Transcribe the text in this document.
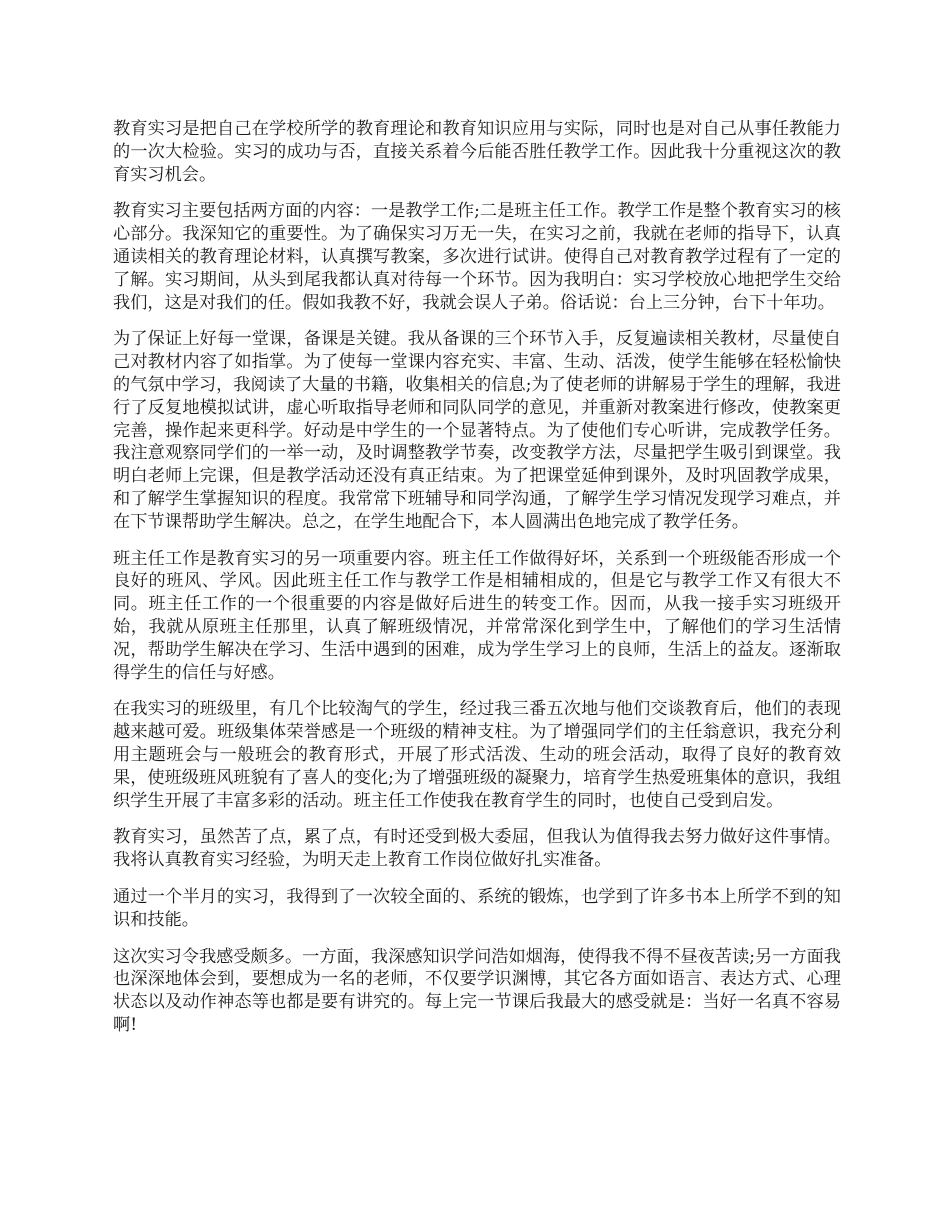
教育实习是把自己在学校所学的教育理论和教育知识应用与实际，同时也是对自己从事任教能力的一次大检验。实习的成功与否，直接关系着今后能否胜任教学工作。因此我十分重视这次的教育实习机会。

教育实习主要包括两方面的内容：一是教学工作;二是班主任工作。教学工作是整个教育实习的核心部分。我深知它的重要性。为了确保实习万无一失，在实习之前，我就在老师的指导下，认真通读相关的教育理论材料，认真撰写教案，多次进行试讲。使得自己对教育教学过程有了一定的了解。实习期间，从头到尾我都认真对待每一个环节。因为我明白：实习学校放心地把学生交给我们，这是对我们的任。假如我教不好，我就会误人子弟。俗话说：台上三分钟，台下十年功。

为了保证上好每一堂课，备课是关键。我从备课的三个环节入手，反复遍读相关教材，尽量使自己对教材内容了如指掌。为了使每一堂课内容充实、丰富、生动、活泼，使学生能够在轻松愉快的气氛中学习，我阅读了大量的书籍，收集相关的信息;为了使老师的讲解易于学生的理解，我进行了反复地模拟试讲，虚心听取指导老师和同队同学的意见，并重新对教案进行修改，使教案更完善，操作起来更科学。好动是中学生的一个显著特点。为了使他们专心听讲，完成教学任务。我注意观察同学们的一举一动，及时调整教学节奏，改变教学方法，尽量把学生吸引到课堂。我明白老师上完课，但是教学活动还没有真正结束。为了把课堂延伸到课外，及时巩固教学成果，和了解学生掌握知识的程度。我常常下班辅导和同学沟通，了解学生学习情况发现学习难点，并在下节课帮助学生解决。总之，在学生地配合下，本人圆满出色地完成了教学任务。

班主任工作是教育实习的另一项重要内容。班主任工作做得好坏，关系到一个班级能否形成一个良好的班风、学风。因此班主任工作与教学工作是相辅相成的，但是它与教学工作又有很大不同。班主任工作的一个很重要的内容是做好后进生的转变工作。因而，从我一接手实习班级开始，我就从原班主任那里，认真了解班级情况，并常常深化到学生中，了解他们的学习生活情况，帮助学生解决在学习、生活中遇到的困难，成为学生学习上的良师，生活上的益友。逐渐取得学生的信任与好感。

在我实习的班级里，有几个比较淘气的学生，经过我三番五次地与他们交谈教育后，他们的表现越来越可爱。班级集体荣誉感是一个班级的精神支柱。为了增强同学们的主任翁意识，我充分利用主题班会与一般班会的教育形式，开展了形式活泼、生动的班会活动，取得了良好的教育效果，使班级班风班貌有了喜人的变化;为了增强班级的凝聚力，培育学生热爱班集体的意识，我组织学生开展了丰富多彩的活动。班主任工作使我在教育学生的同时，也使自己受到启发。

教育实习，虽然苦了点，累了点，有时还受到极大委屈，但我认为值得我去努力做好这件事情。我将认真教育实习经验，为明天走上教育工作岗位做好扎实准备。

通过一个半月的实习，我得到了一次较全面的、系统的锻炼，也学到了许多书本上所学不到的知识和技能。

这次实习令我感受颇多。一方面，我深感知识学问浩如烟海，使得我不得不昼夜苦读;另一方面我也深深地体会到，要想成为一名的老师，不仅要学识渊博，其它各方面如语言、表达方式、心理状态以及动作神态等也都是要有讲究的。每上完一节课后我最大的感受就是：当好一名真不容易啊!
